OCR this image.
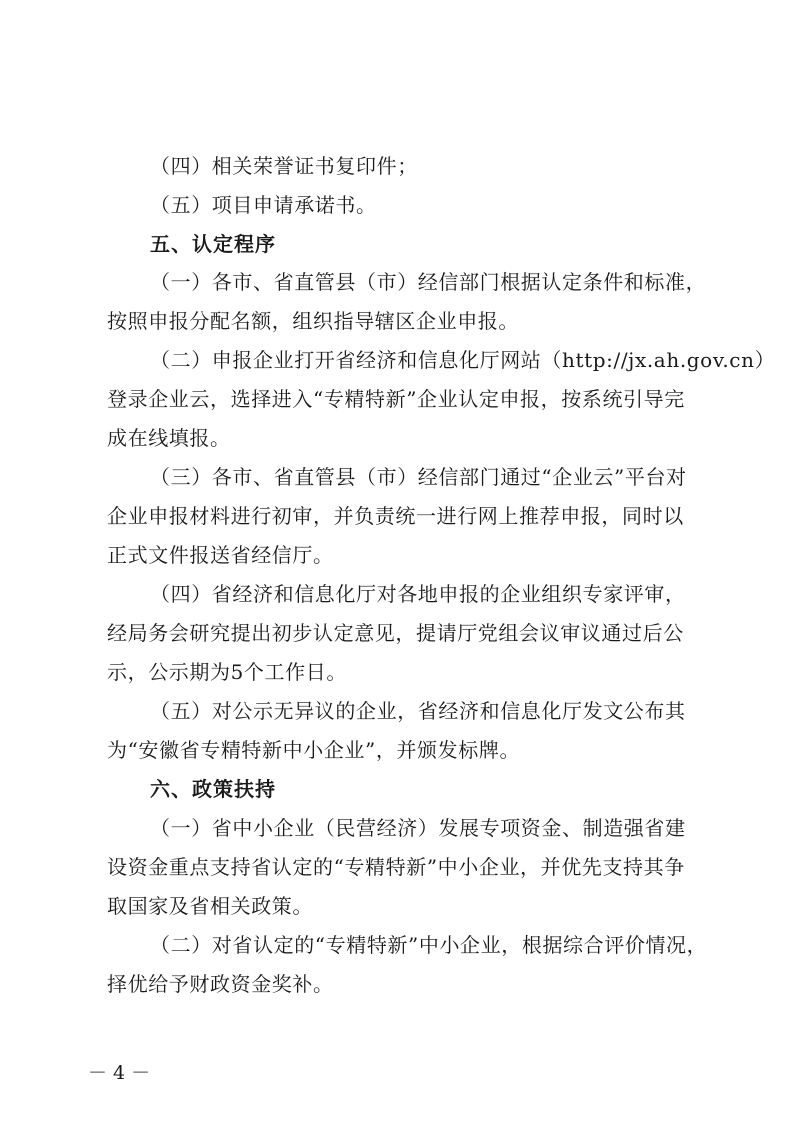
（四）相关荣誉证书复印件；
（五）项目申请承诺书。
五、认定程序
（一）各市、省直管县（市）经信部门根据认定条件和标准，
按照申报分配名额，组织指导辖区企业申报。
（二）申报企业打开省经济和信息化厅网站（http://jx.ah.gov.cn）
登录企业云，选择进入“专精特新”企业认定申报，按系统引导完
成在线填报。
（三）各市、省直管县（市）经信部门通过“企业云”平台对
企业申报材料进行初审，并负责统一进行网上推荐申报，同时以
正式文件报送省经信厅。
（四）省经济和信息化厅对各地申报的企业组织专家评审，
经局务会研究提出初步认定意见，提请厅党组会议审议通过后公
示，公示期为5个工作日。
（五）对公示无异议的企业，省经济和信息化厅发文公布其
为“安徽省专精特新中小企业”，并颁发标牌。
六、政策扶持
（一）省中小企业（民营经济）发展专项资金、制造强省建
设资金重点支持省认定的“专精特新”中小企业，并优先支持其争
取国家及省相关政策。
（二）对省认定的“专精特新”中小企业，根据综合评价情况，
择优给予财政资金奖补。
－ 4 －
